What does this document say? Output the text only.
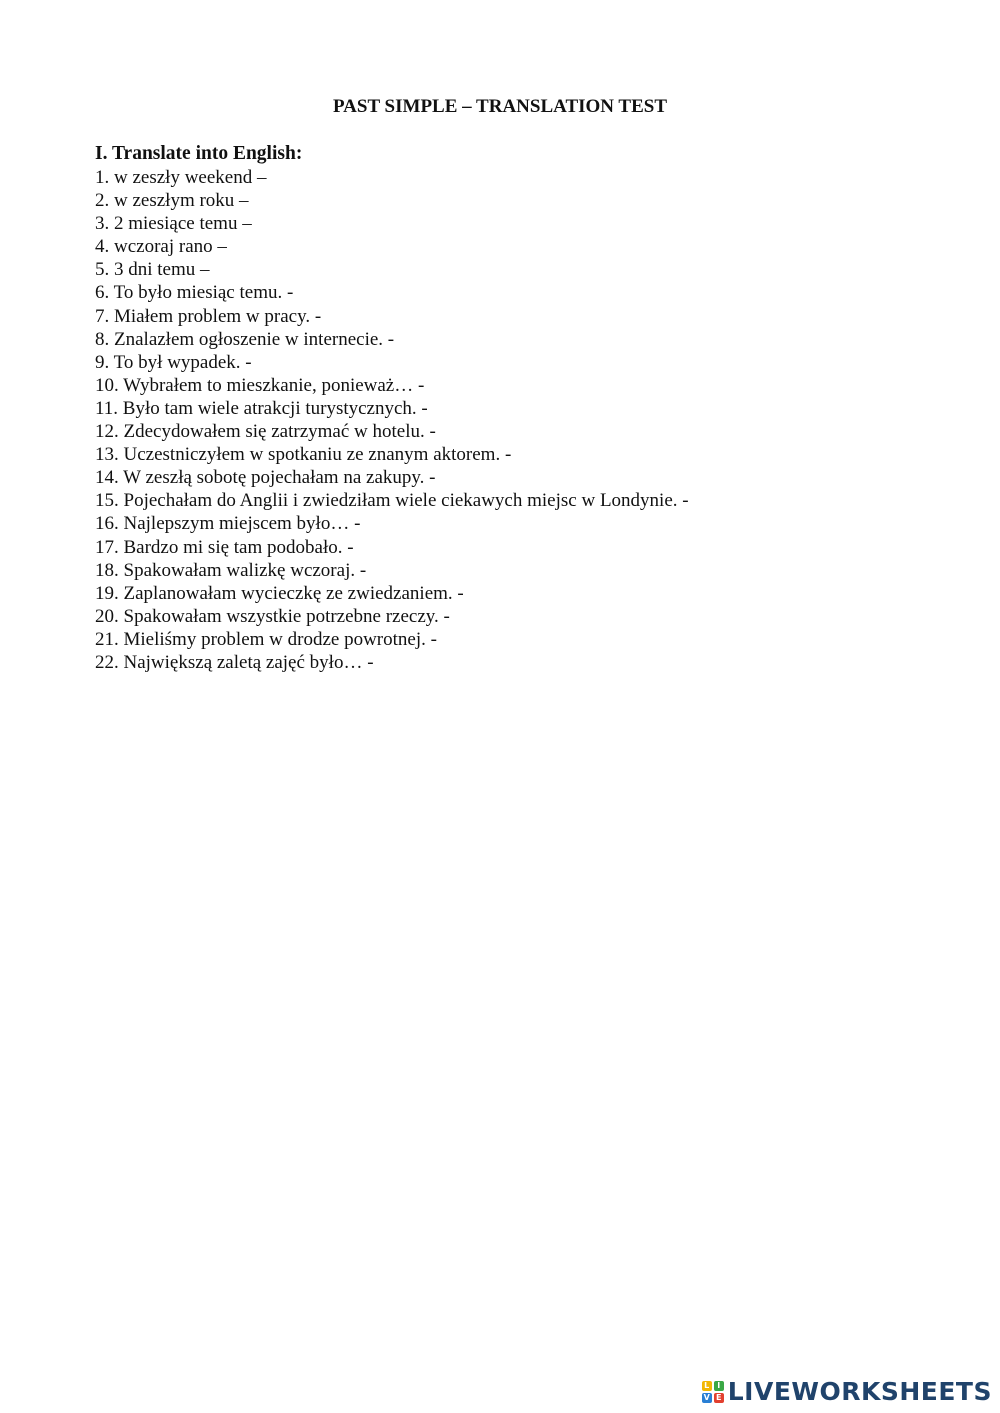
PAST SIMPLE – TRANSLATION TEST

I. Translate into English:

1. w zeszły weekend –
2. w zeszłym roku –
3. 2 miesiące temu –
4. wczoraj rano –
5. 3 dni temu –
6. To było miesiąc temu. -
7. Miałem problem w pracy. -
8. Znalazłem ogłoszenie w internecie. -
9. To był wypadek. -
10. Wybrałem to mieszkanie, ponieważ… -
11. Było tam wiele atrakcji turystycznych. -
12. Zdecydowałem się zatrzymać w hotelu. -
13. Uczestniczyłem w spotkaniu ze znanym aktorem. -
14. W zeszłą sobotę pojechałam na zakupy. -
15. Pojechałam do Anglii i zwiedziłam wiele ciekawych miejsc w Londynie. -
16. Najlepszym miejscem było… -
17. Bardzo mi się tam podobało. -
18. Spakowałam walizkę wczoraj. -
19. Zaplanowałam wycieczkę ze zwiedzaniem. -
20. Spakowałam wszystkie potrzebne rzeczy. -
21. Mieliśmy problem w drodze powrotnej. -
22. Największą zaletą zajęć było… -
L I
V E LIVEWORKSHEETS
